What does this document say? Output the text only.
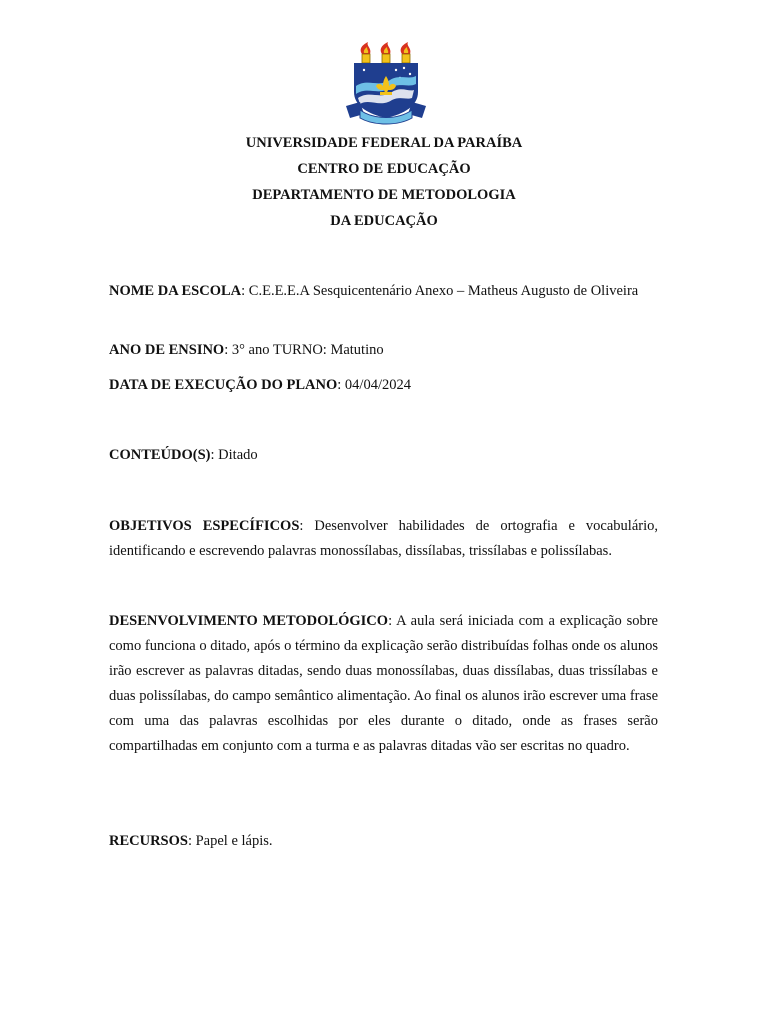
UNIVERSIDADE FEDERAL DA PARAÍBA
CENTRO DE EDUCAÇÃO
DEPARTAMENTO DE METODOLOGIA
DA EDUCAÇÃO
NOME DA ESCOLA: C.E.E.E.A Sesquicentenário Anexo – Matheus Augusto de Oliveira
ANO DE ENSINO: 3° ano TURNO: Matutino
DATA DE EXECUÇÃO DO PLANO: 04/04/2024
CONTEÚDO(S): Ditado
OBJETIVOS ESPECÍFICOS: Desenvolver habilidades de ortografia e vocabulário, identificando e escrevendo palavras monossílabas, dissílabas, trissílabas e polissílabas.
DESENVOLVIMENTO METODOLÓGICO: A aula será iniciada com a explicação sobre como funciona o ditado, após o término da explicação serão distribuídas folhas onde os alunos irão escrever as palavras ditadas, sendo duas monossílabas, duas dissílabas, duas trissílabas e duas polissílabas, do campo semântico alimentação. Ao final os alunos irão escrever uma frase com uma das palavras escolhidas por eles durante o ditado, onde as frases serão compartilhadas em conjunto com a turma e as palavras ditadas vão ser escritas no quadro.
RECURSOS: Papel e lápis.
